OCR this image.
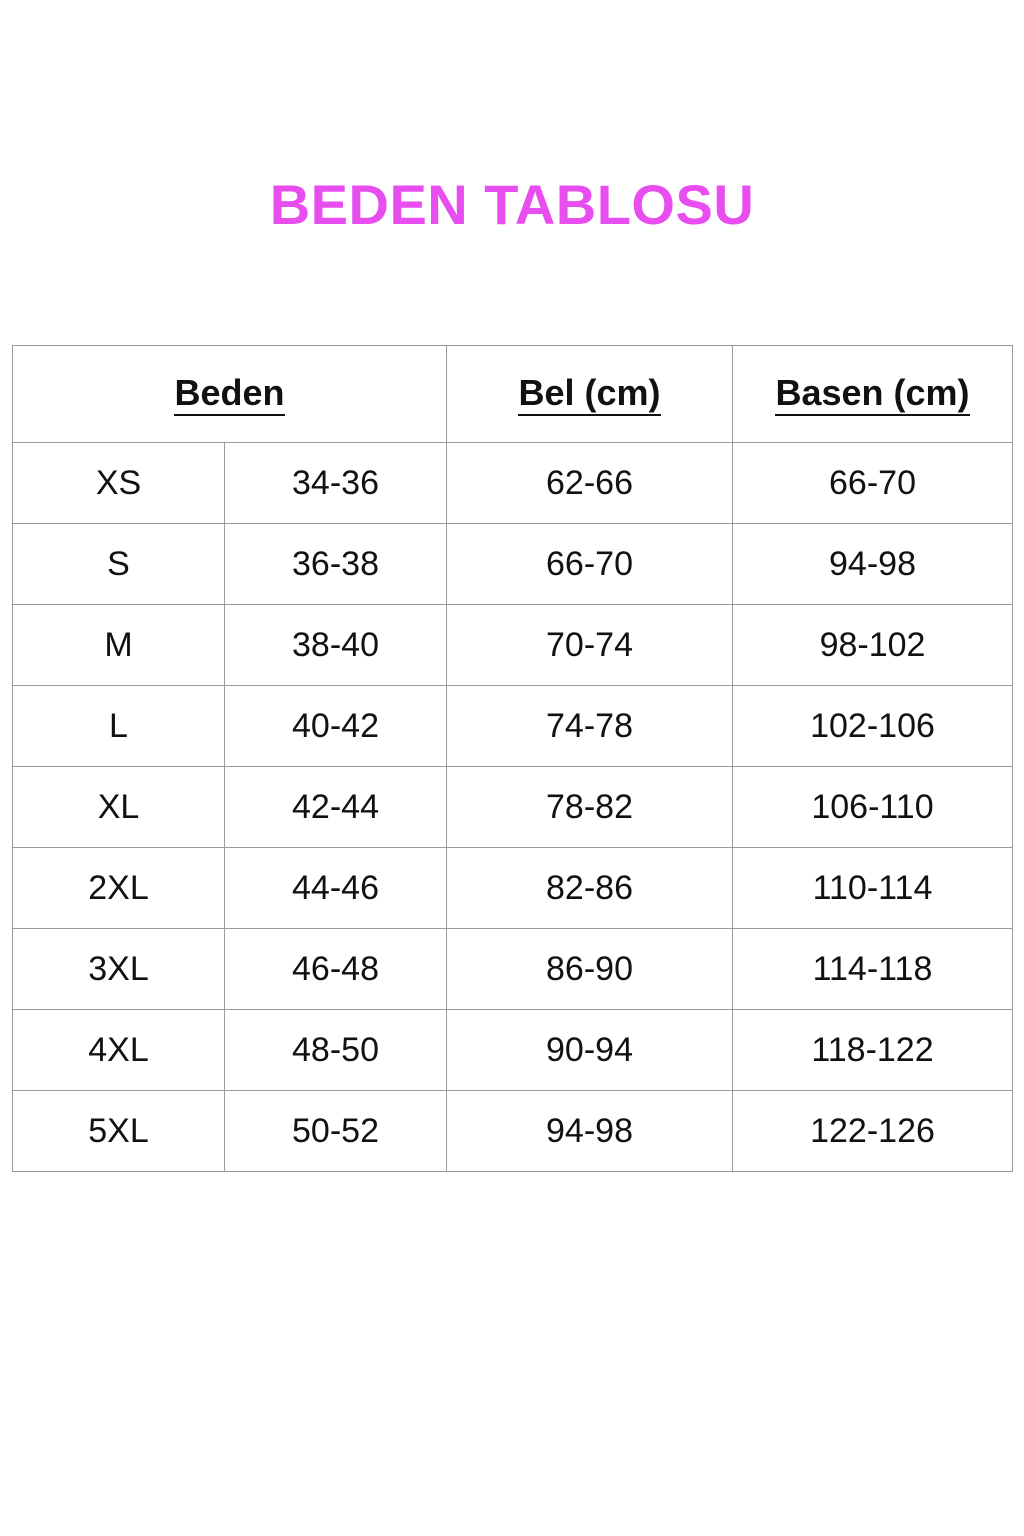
BEDEN TABLOSU
Beden		Bel (cm)	Basen (cm)
XS	34-36	62-66	66-70
S	36-38	66-70	94-98
M	38-40	70-74	98-102
L	40-42	74-78	102-106
XL	42-44	78-82	106-110
2XL	44-46	82-86	110-114
3XL	46-48	86-90	114-118
4XL	48-50	90-94	118-122
5XL	50-52	94-98	122-126
